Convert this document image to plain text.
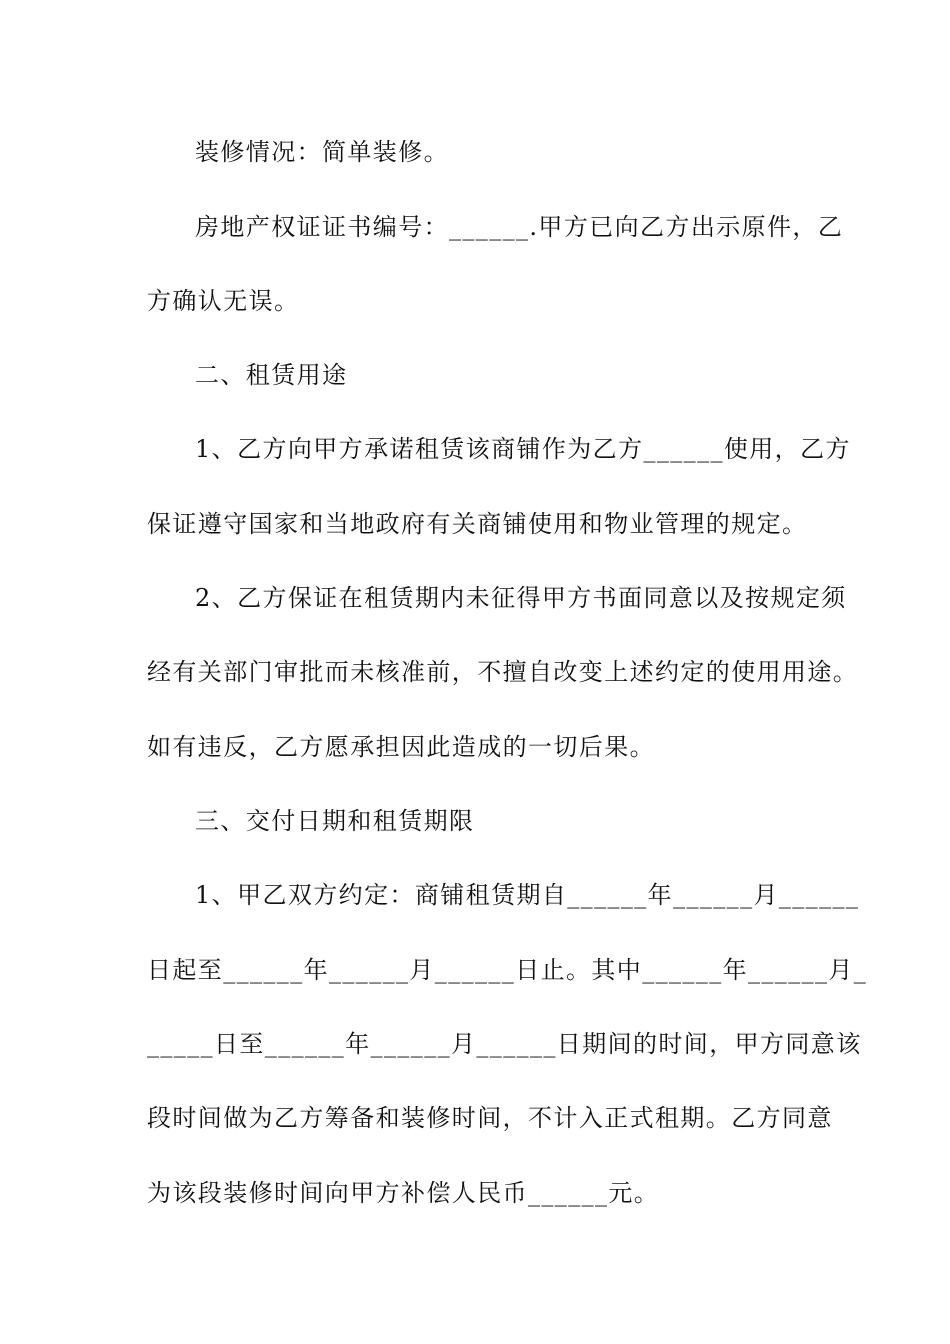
装修情况：简单装修。
房地产权证证书编号：______.甲方已向乙方出示原件，乙
方确认无误。
二、租赁用途
1、乙方向甲方承诺租赁该商铺作为乙方______使用，乙方
保证遵守国家和当地政府有关商铺使用和物业管理的规定。
2、乙方保证在租赁期内未征得甲方书面同意以及按规定须
经有关部门审批而未核准前，不擅自改变上述约定的使用用途。
如有违反，乙方愿承担因此造成的一切后果。
三、交付日期和租赁期限
1、甲乙双方约定：商铺租赁期自______年______月______
日起至______年______月______日止。其中______年______月_
_____日至______年______月______日期间的时间，甲方同意该
段时间做为乙方筹备和装修时间，不计入正式租期。乙方同意
为该段装修时间向甲方补偿人民币______元。
